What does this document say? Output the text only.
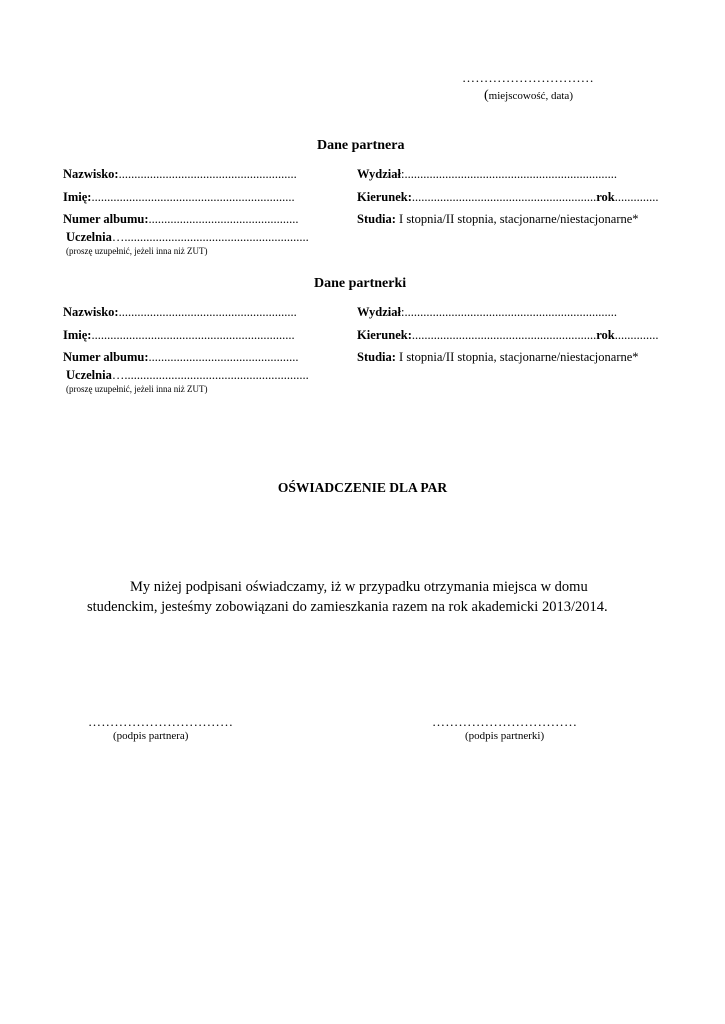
…………………………
(miejscowość, data)
Dane partnera
Nazwisko:.........................................................	Wydział:....................................................................
Imię:.................................................................	Kierunek:...........................................................rok..............
Numer albumu:................................................	Studia: I stopnia/II stopnia, stacjonarne/niestacjonarne*
Uczelnia…...........................................................
(proszę uzupełnić, jeżeli inna niż ZUT)
Dane partnerki
Nazwisko:.........................................................	Wydział:....................................................................
Imię:.................................................................	Kierunek:...........................................................rok..............
Numer albumu:................................................	Studia: I stopnia/II stopnia, stacjonarne/niestacjonarne*
Uczelnia…...........................................................
(proszę uzupełnić, jeżeli inna niż ZUT)
OŚWIADCZENIE DLA PAR
My niżej podpisani oświadczamy, iż w przypadku otrzymania miejsca w domu
studenckim, jesteśmy zobowiązani do zamieszkania razem na rok akademicki 2013/2014.
……………………………
(podpis partnera)
……………………………
(podpis partnerki)
